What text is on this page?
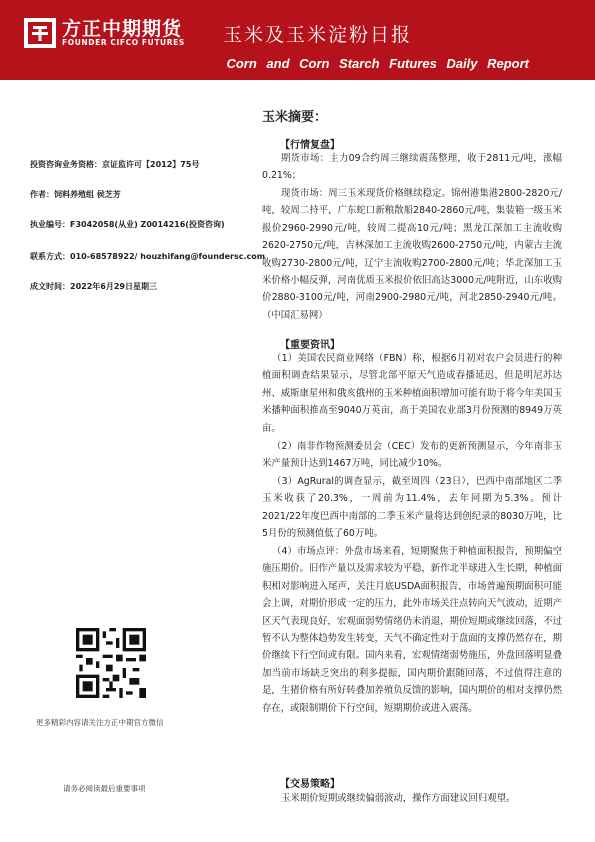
方正中期期货
FOUNDER CIFCO FUTURES	玉米及玉米淀粉日报
Corn and Corn Starch Futures Daily Report
玉米摘要：
投资咨询业务资格：京证监许可【2012】75号
作者：饲料养殖组 侯芝芳
执业编号：F3042058(从业) Z0014216(投资咨询)
联系方式：010-68578922/ houzhifang@foundersc.com
成文时间：2022年6月29日星期三
【行情复盘】
期货市场：主力09合约周三继续震荡整理，收于2811元/吨，涨幅0.21%；
现货市场：周三玉米现货价格继续稳定。锦州港集港2800-2820元/吨，较周二持平，广东蛇口新粮散船2840-2860元/吨，集装箱一级玉米报价2960-2990元/吨，较周二提高10元/吨；黑龙江深加工主流收购2620-2750元/吨，吉林深加工主流收购2600-2750元/吨，内蒙古主流收购2730-2800元/吨，辽宁主流收购2700-2800元/吨；华北深加工玉米价格小幅反弹，河南优质玉米报价依旧高达3000元/吨附近，山东收购价2880-3100元/吨，河南2900-2980元/吨，河北2850-2940元/吨。（中国汇易网）
【重要资讯】
（1）美国农民商业网络（FBN）称，根据6月初对农户会员进行的种植面积调查结果显示，尽管北部平原天气造成春播延迟，但是明尼苏达州、威斯康星州和俄亥俄州的玉米种植面积增加可能有助于将今年美国玉米播种面积推高至9040万英亩，高于美国农业部3月份预测的8949万英亩。
（2）南非作物预测委员会（CEC）发布的更新预测显示，今年南非玉米产量预计达到1467万吨，同比减少10%。
（3）AgRural的调查显示，截至周四（23日），巴西中南部地区二季玉米收获了20.3%，一周前为11.4%，去年同期为5.3%。预计2021/22年度巴西中南部的二季玉米产量将达到创纪录的8030万吨，比5月份的预测值低了60万吨。
（4）市场点评：外盘市场来看，短期聚焦于种植面积报告，预期偏空施压期价。旧作产量以及需求较为平稳，新作北半球进入生长期，种植面积相对影响进入尾声，关注月底USDA面积报告，市场普遍预期面积可能会上调，对期价形成一定的压力，此外市场关注点转向天气波动，近期产区天气表现良好，宏观面弱势情绪仍未消退，期价短期或继续回落，不过暂不认为整体趋势发生转变，天气不确定性对于盘面的支撑仍然存在，期价继续下行空间或有限。国内来看，宏观情绪弱势施压，外盘回落明显叠加当前市场缺乏突出的利多提振，国内期价跟随回落，不过值得注意的是，生猪价格有所好转叠加养殖负反馈的影响，国内期价的相对支撑仍然存在，或限制期价下行空间，短期期价或进入震荡。
【交易策略】
玉米期价短期或继续偏弱波动，操作方面建议回归观望。
更多精彩内容请关注方正中期官方微信
请务必阅读最后重要事项
